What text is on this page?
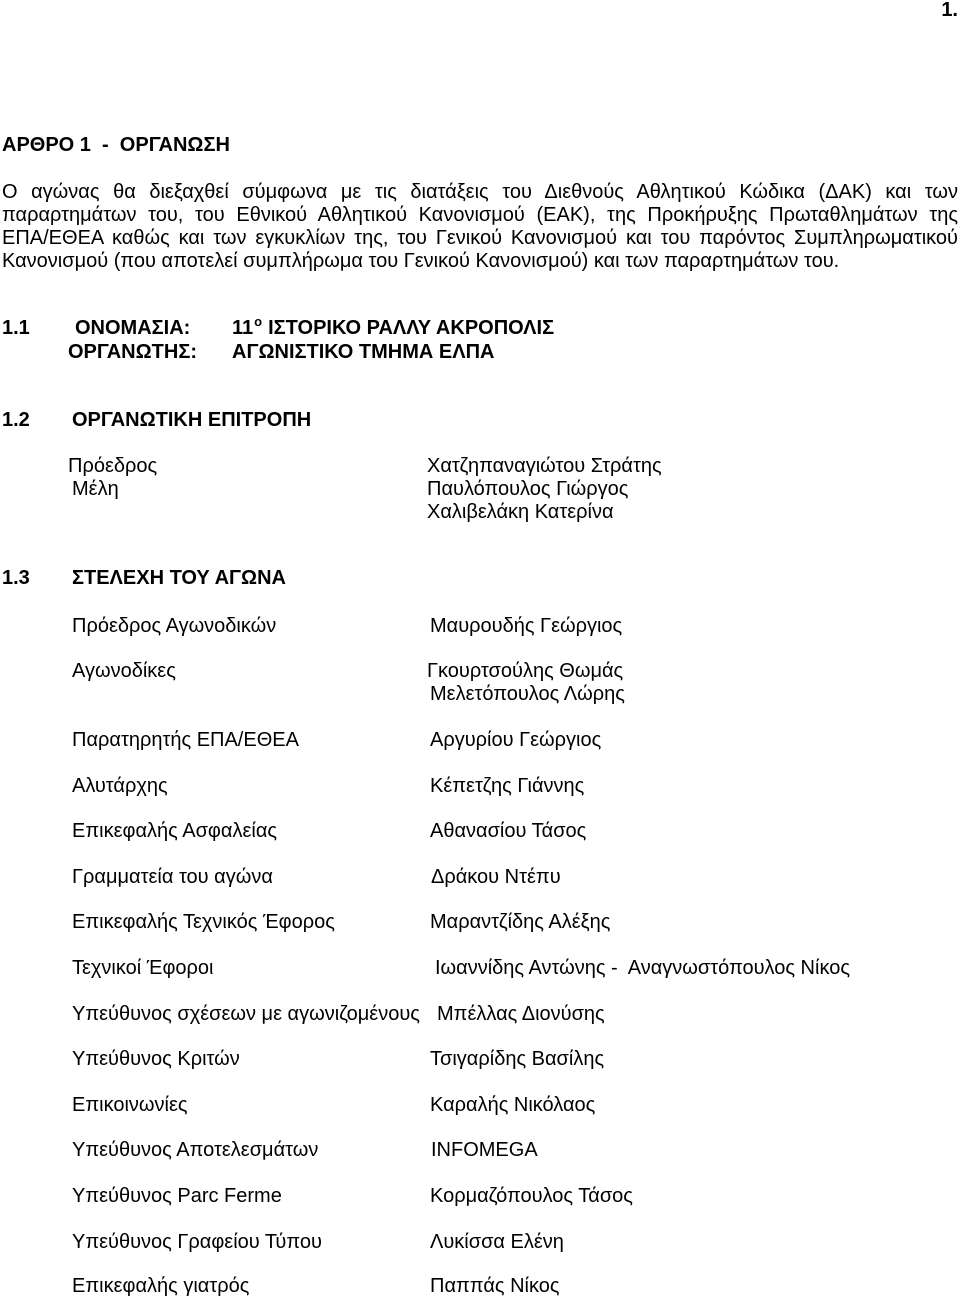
1.
ΑΡΘΡΟ 1  -  ΟΡΓΑΝΩΣΗ
Ο αγώνας θα διεξαχθεί σύμφωνα με τις διατάξεις του Διεθνούς Αθλητικού Κώδικα (ΔΑΚ) και των
παραρτημάτων του, του Εθνικού Αθλητικού Κανονισμού (ΕΑΚ), της Προκήρυξης Πρωταθλημάτων της
ΕΠΑ/ΕΘΕΑ καθώς και των εγκυκλίων της, του Γενικού Κανονισμού και του παρόντος Συμπληρωματικού
Κανονισμού (που αποτελεί συμπλήρωμα του Γενικού Κανονισμού) και των παραρτημάτων του.
1.1 ΟΝΟΜΑΣΙΑ: $11^o$ ΙΣΤΟΡΙΚΟ ΡΑΛΛΥ ΑΚΡΟΠΟΛΙΣ
ΟΡΓΑΝΩΤΗΣ: ΑΓΩΝΙΣΤΙΚΟ ΤΜΗΜΑ ΕΛΠΑ
1.2 ΟΡΓΑΝΩΤΙΚΗ ΕΠΙΤΡΟΠΗ
Πρόεδρος	Χατζηπαναγιώτου Στράτης
Μέλη	Παυλόπουλος Γιώργος
Χαλιβελάκη Κατερίνα
1.3 ΣΤΕΛΕΧΗ ΤΟΥ ΑΓΩΝΑ
Πρόεδρος Αγωνοδικών	Μαυρουδής Γεώργιος
Αγωνοδίκες	Γκουρτσούλης Θωμάς
Μελετόπουλος Λώρης
Παρατηρητής ΕΠΑ/ΕΘΕΑ	Αργυρίου Γεώργιος
Αλυτάρχης	Κέπετζης Γιάννης
Επικεφαλής Ασφαλείας	Αθανασίου Τάσος
Γραμματεία του αγώνα	Δράκου Ντέπυ
Επικεφαλής Τεχνικός Έφορος	Μαραντζίδης Αλέξης
Τεχνικοί Έφοροι	Ιωαννίδης Αντώνης -  Αναγνωστόπουλος Νίκος
Υπεύθυνος σχέσεων με αγωνιζομένους Μπέλλας Διονύσης
Υπεύθυνος Κριτών	Τσιγαρίδης Βασίλης
Επικοινωνίες	Καραλής Νικόλαος
Υπεύθυνος Αποτελεσμάτων	INFOMEGA
Υπεύθυνος Parc Ferme	Κορμαζόπουλος Τάσος
Υπεύθυνος Γραφείου Τύπου	Λυκίσσα Ελένη
Επικεφαλής γιατρός	Παππάς Νίκος
